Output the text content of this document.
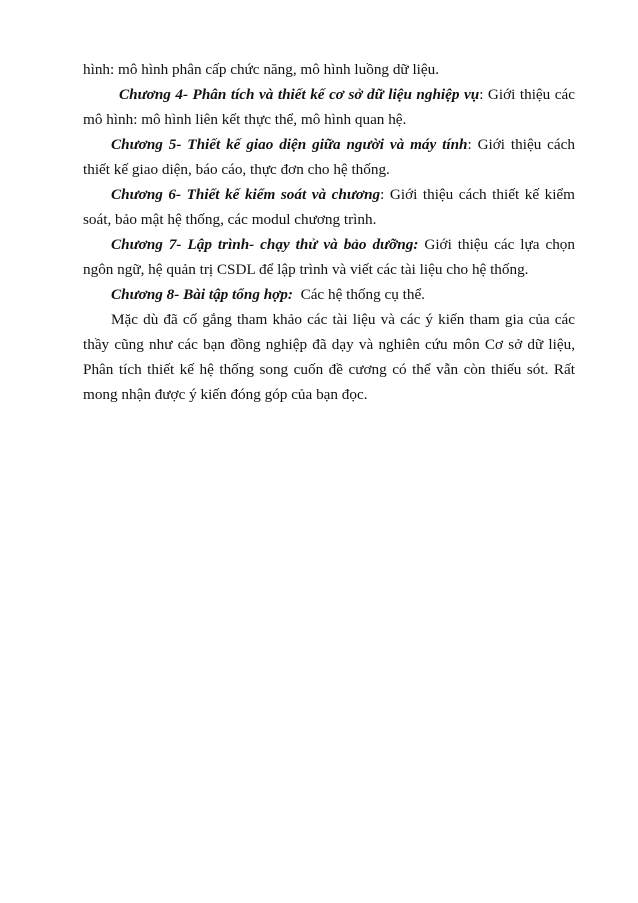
hình: mô hình phân cấp chức năng, mô hình luồng dữ liệu.

Chương 4- Phân tích và thiết kế cơ sở dữ liệu nghiệp vụ: Giới thiệu các mô hình: mô hình liên kết thực thể, mô hình quan hệ.

Chương 5- Thiết kế giao diện giữa người và máy tính: Giới thiệu cách thiết kế giao diện, báo cáo, thực đơn cho hệ thống.

Chương 6- Thiết kế kiểm soát và chương: Giới thiệu cách thiết kế kiểm soát, bảo mật hệ thống, các modul chương trình.

Chương 7- Lập trình- chạy thử và bảo dưỡng: Giới thiệu các lựa chọn ngôn ngữ, hệ quản trị CSDL để lập trình và viết các tài liệu cho hệ thống.

Chương 8- Bài tập tổng hợp:  Các hệ thống cụ thể.

Mặc dù đã cố gắng tham khảo các tài liệu và các ý kiến tham gia của các thầy cũng như các bạn đồng nghiệp đã dạy và nghiên cứu môn Cơ sở dữ liệu, Phân tích thiết kế hệ thống song cuốn đề cương có thể vẫn còn thiếu sót. Rất mong nhận được ý kiến đóng góp của bạn đọc.
